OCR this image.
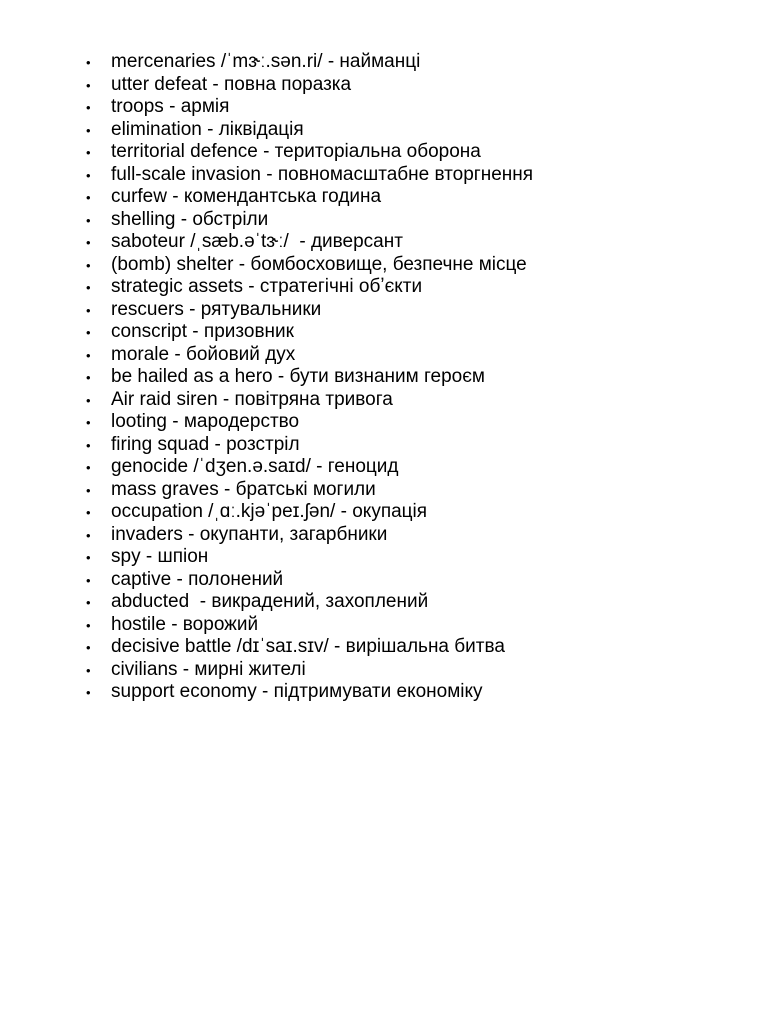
• mercenaries /ˈmɝː.sən.ri/ - найманці
• utter defeat - повна поразка
• troops - армія
• elimination - ліквідація
• territorial defence - територіальна оборона
• full-scale invasion - повномасштабне вторгнення
• curfew - комендантська година
• shelling - обстріли
• saboteur /ˌsæb.əˈtɝː/  - диверсант
• (bomb) shelter - бомбосховище, безпечне місце
• strategic assets - стратегічні обʼєкти
• rescuers - рятувальники
• conscript - призовник
• morale - бойовий дух
• be hailed as a hero - бути визнаним героєм
• Air raid siren - повітряна тривога
• looting - мародерство
• firing squad - розстріл
• genocide /ˈdʒen.ə.saɪd/ - геноцид
• mass graves - братські могили
• occupation /ˌɑː.kjəˈpeɪ.ʃən/ - окупація
• invaders - окупанти, загарбники
• spy - шпіон
• captive - полонений
• abducted  - викрадений, захоплений
• hostile - ворожий
• decisive battle /dɪˈsaɪ.sɪv/ - вирішальна битва
• civilians - мирні жителі
• support economy - підтримувати економіку
